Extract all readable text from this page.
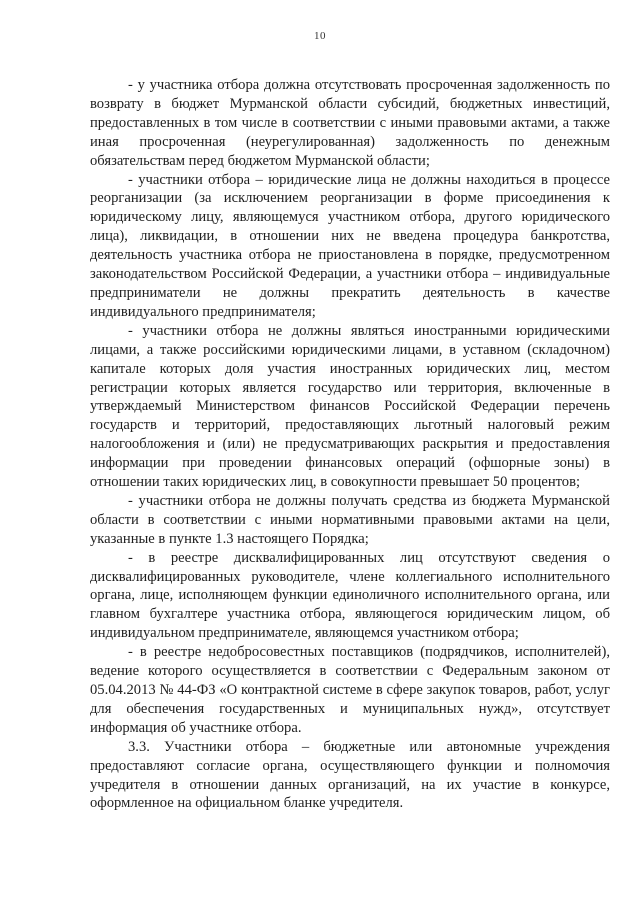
10

- у участника отбора должна отсутствовать просроченная задолженность по возврату в бюджет Мурманской области субсидий, бюджетных инвестиций, предоставленных в том числе в соответствии с иными правовыми актами, а также иная просроченная (неурегулированная) задолженность по денежным обязательствам перед бюджетом Мурманской области;

- участники отбора – юридические лица не должны находиться в процессе реорганизации (за исключением реорганизации в форме присоединения к юридическому лицу, являющемуся участником отбора, другого юридического лица), ликвидации, в отношении них не введена процедура банкротства, деятельность участника отбора не приостановлена в порядке, предусмотренном законодательством Российской Федерации, а участники отбора – индивидуальные предприниматели не должны прекратить деятельность в качестве индивидуального предпринимателя;

- участники отбора не должны являться иностранными юридическими лицами, а также российскими юридическими лицами, в уставном (складочном) капитале которых доля участия иностранных юридических лиц, местом регистрации которых является государство или территория, включенные в утверждаемый Министерством финансов Российской Федерации перечень государств и территорий, предоставляющих льготный налоговый режим налогообложения и (или) не предусматривающих раскрытия и предоставления информации при проведении финансовых операций (офшорные зоны) в отношении таких юридических лиц, в совокупности превышает 50 процентов;

- участники отбора не должны получать средства из бюджета Мурманской области в соответствии с иными нормативными правовыми актами на цели, указанные в пункте 1.3 настоящего Порядка;

- в реестре дисквалифицированных лиц отсутствуют сведения о дисквалифицированных руководителе, члене коллегиального исполнительного органа, лице, исполняющем функции единоличного исполнительного органа, или главном бухгалтере участника отбора, являющегося юридическим лицом, об индивидуальном предпринимателе, являющемся участником отбора;

- в реестре недобросовестных поставщиков (подрядчиков, исполнителей), ведение которого осуществляется в соответствии с Федеральным законом от 05.04.2013 № 44-ФЗ «О контрактной системе в сфере закупок товаров, работ, услуг для обеспечения государственных и муниципальных нужд», отсутствует информация об участнике отбора.

3.3. Участники отбора – бюджетные или автономные учреждения предоставляют согласие органа, осуществляющего функции и полномочия учредителя в отношении данных организаций, на их участие в конкурсе, оформленное на официальном бланке учредителя.
